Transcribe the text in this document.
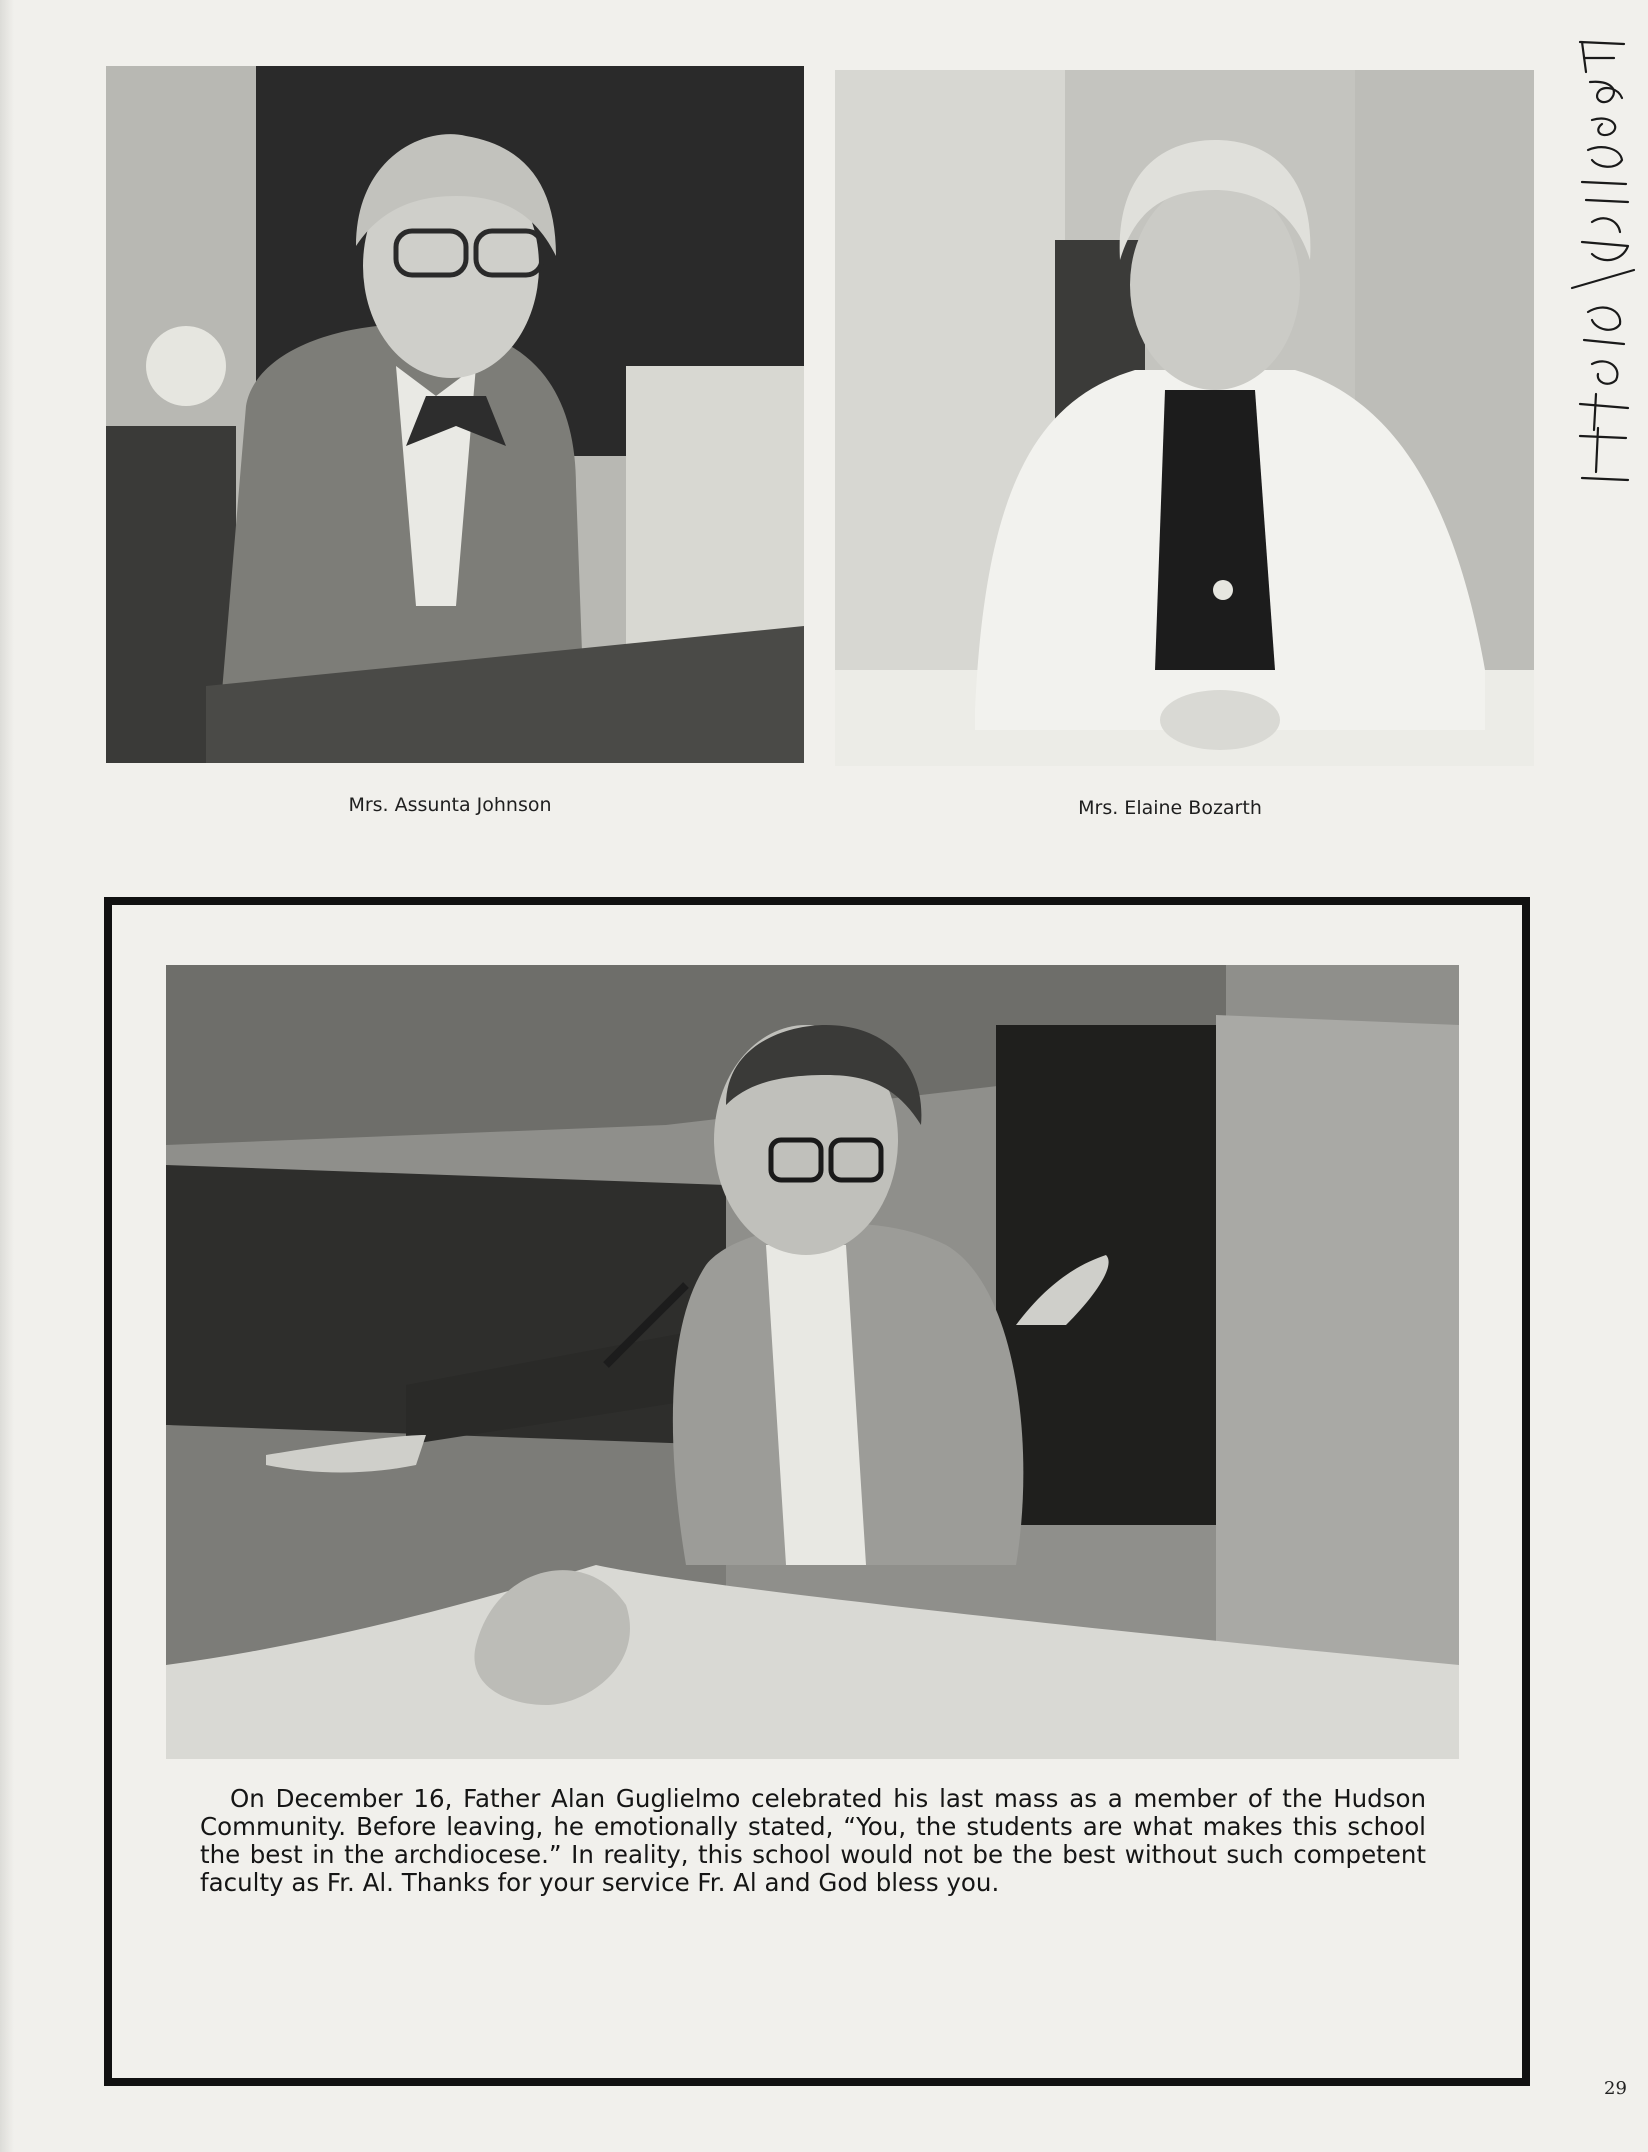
Mrs. Assunta Johnson	Mrs. Elaine Bozarth
On December 16, Father Alan Guglielmo celebrated his last mass as a member of the Hudson Community. Before leaving, he emotionally stated, “You, the students are what makes this school the best in the archdiocese.” In reality, this school would not be the best without such competent faculty as Fr. Al. Thanks for your service Fr. Al and God bless you.
29
